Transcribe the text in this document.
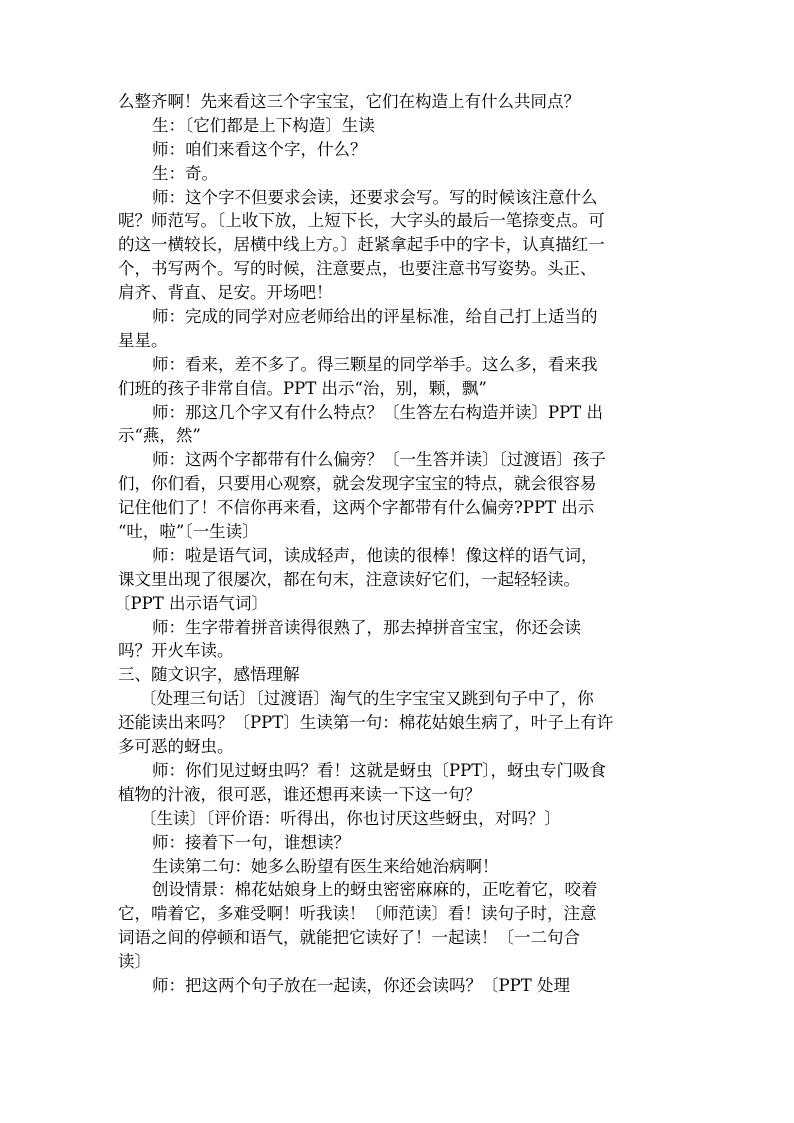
么整齐啊！先来看这三个字宝宝，它们在构造上有什么共同点？
生：〔它们都是上下构造〕生读
师：咱们来看这个字，什么？
生：奇。
师：这个字不但要求会读，还要求会写。写的时候该注意什么
呢？师范写。〔上收下放，上短下长，大字头的最后一笔捺变点。可
的这一横较长，居横中线上方。〕赶紧拿起手中的字卡，认真描红一
个，书写两个。写的时候，注意要点，也要注意书写姿势。头正、
肩齐、背直、足安。开场吧！
师：完成的同学对应老师给出的评星标准，给自己打上适当的
星星。
师：看来，差不多了。得三颗星的同学举手。这么多，看来我
们班的孩子非常自信。PPT 出示“治，别，颗，飘”
师：那这几个字又有什么特点？〔生答左右构造并读〕PPT 出
示“燕，然”
师：这两个字都带有什么偏旁？〔一生答并读〕〔过渡语〕孩子
们，你们看，只要用心观察，就会发现字宝宝的特点，就会很容易
记住他们了！不信你再来看，这两个字都带有什么偏旁?PPT 出示
“吐，啦”〔一生读〕
师：啦是语气词，读成轻声，他读的很棒！像这样的语气词，
课文里出现了很屡次，都在句末，注意读好它们，一起轻轻读。
〔PPT 出示语气词〕
师：生字带着拼音读得很熟了，那去掉拼音宝宝，你还会读
吗？开火车读。
三、随文识字，感悟理解
〔处理三句话〕〔过渡语〕淘气的生字宝宝又跳到句子中了，你
还能读出来吗？〔PPT〕生读第一句：棉花姑娘生病了，叶子上有许
多可恶的蚜虫。
师：你们见过蚜虫吗？看！这就是蚜虫〔PPT〕，蚜虫专门吸食
植物的汁液，很可恶，谁还想再来读一下这一句？
〔生读〕〔评价语：听得出，你也讨厌这些蚜虫，对吗？〕
师：接着下一句，谁想读？
生读第二句：她多么盼望有医生来给她治病啊！
创设情景：棉花姑娘身上的蚜虫密密麻麻的，正吃着它，咬着
它，啃着它，多难受啊！听我读！〔师范读〕看！读句子时，注意
词语之间的停顿和语气，就能把它读好了！一起读！〔一二句合
读〕
师：把这两个句子放在一起读，你还会读吗？〔PPT 处理
